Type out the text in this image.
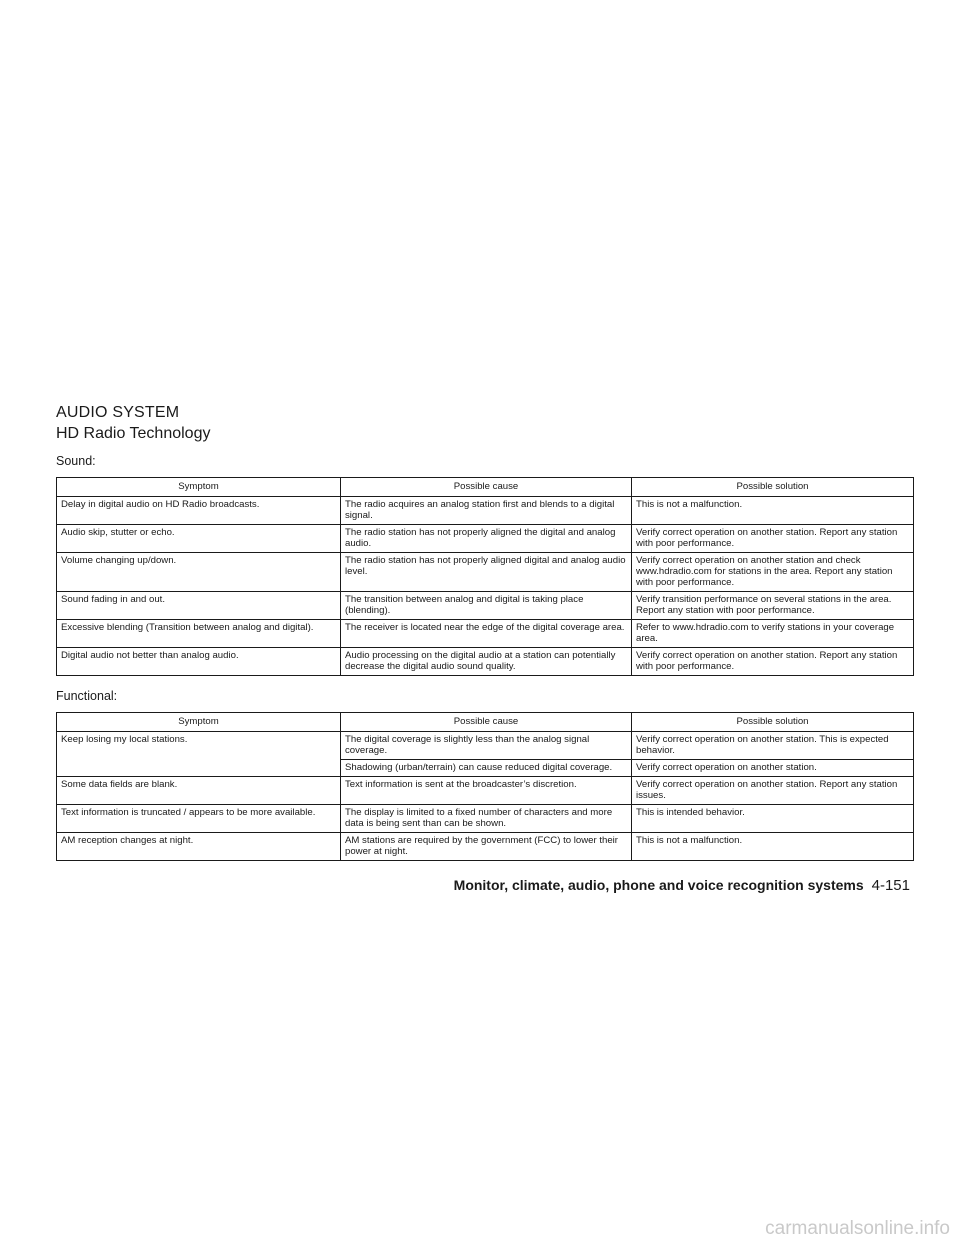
AUDIO SYSTEM
HD Radio Technology
Sound:
Symptom	Possible cause	Possible solution
Delay in digital audio on HD Radio broadcasts.	The radio acquires an analog station first and blends to a digital signal.	This is not a malfunction.
Audio skip, stutter or echo.	The radio station has not properly aligned the digital and analog audio.	Verify correct operation on another station. Report any station with poor performance.
Volume changing up/down.	The radio station has not properly aligned digital and analog audio level.	Verify correct operation on another station and check www.hdradio.com for stations in the area. Report any station with poor performance.
Sound fading in and out.	The transition between analog and digital is taking place (blending).	Verify transition performance on several stations in the area. Report any station with poor performance.
Excessive blending (Transition between analog and digital).	The receiver is located near the edge of the digital coverage area.	Refer to www.hdradio.com to verify stations in your coverage area.
Digital audio not better than analog audio.	Audio processing on the digital audio at a station can potentially decrease the digital audio sound quality.	Verify correct operation on another station. Report any station with poor performance.
Functional:
Symptom	Possible cause	Possible solution
Keep losing my local stations.	The digital coverage is slightly less than the analog signal coverage.	Verify correct operation on another station. This is expected behavior.
	Shadowing (urban/terrain) can cause reduced digital coverage.	Verify correct operation on another station.
Some data fields are blank.	Text information is sent at the broadcaster’s discretion.	Verify correct operation on another station. Report any station issues.
Text information is truncated / appears to be more available.	The display is limited to a fixed number of characters and more data is being sent than can be shown.	This is intended behavior.
AM reception changes at night.	AM stations are required by the government (FCC) to lower their power at night.	This is not a malfunction.
Monitor, climate, audio, phone and voice recognition systems 4-151
carmanualsonline.info
